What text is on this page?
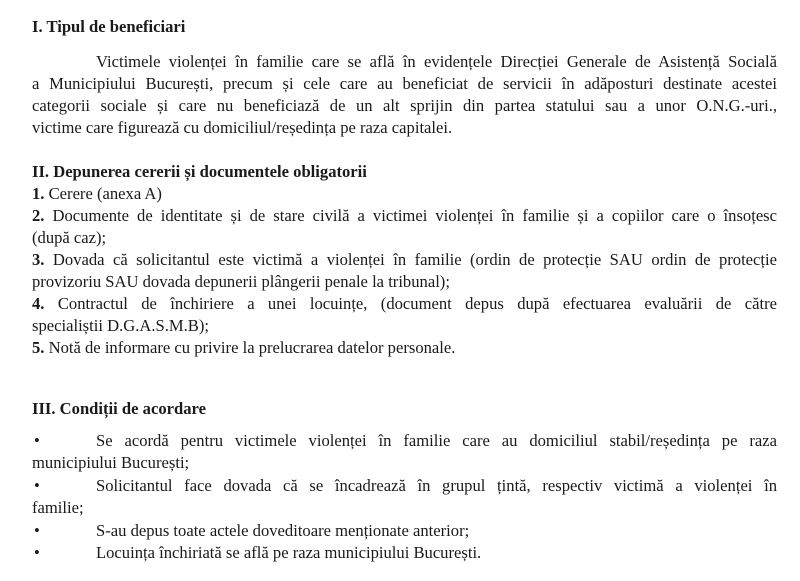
I. Tipul de beneficiari
Victimele violenței în familie care se află în evidențele Direcției Generale de Asistență Socială
a Municipiului București, precum și cele care au beneficiat de servicii în adăposturi destinate acestei
categorii sociale și care nu beneficiază de un alt sprijin din partea statului sau a unor O.N.G.-uri.,
victime care figurează cu domiciliul/reședința pe raza capitalei.
II. Depunerea cererii și documentele obligatorii
1. Cerere (anexa A)
2. Documente de identitate și de stare civilă a victimei violenței în familie și a copiilor care o însoțesc
(după caz);
3. Dovada că solicitantul este victimă a violenței în familie (ordin de protecție SAU ordin de protecție
provizoriu SAU dovada depunerii plângerii penale la tribunal);
4. Contractul de închiriere a unei locuințe, (document depus după efectuarea evaluării de către
specialiștii D.G.A.S.M.B);
5. Notă de informare cu privire la prelucrarea datelor personale.
III. Condiții de acordare
•	Se acordă pentru victimele violenței în familie care au domiciliul stabil/reședința pe raza
municipiului București;
•	Solicitantul face dovada că se încadrează în grupul țintă, respectiv victimă a violenței în
familie;
•	S-au depus toate actele doveditoare menționate anterior;
•	Locuința închiriată se află pe raza municipiului București.
